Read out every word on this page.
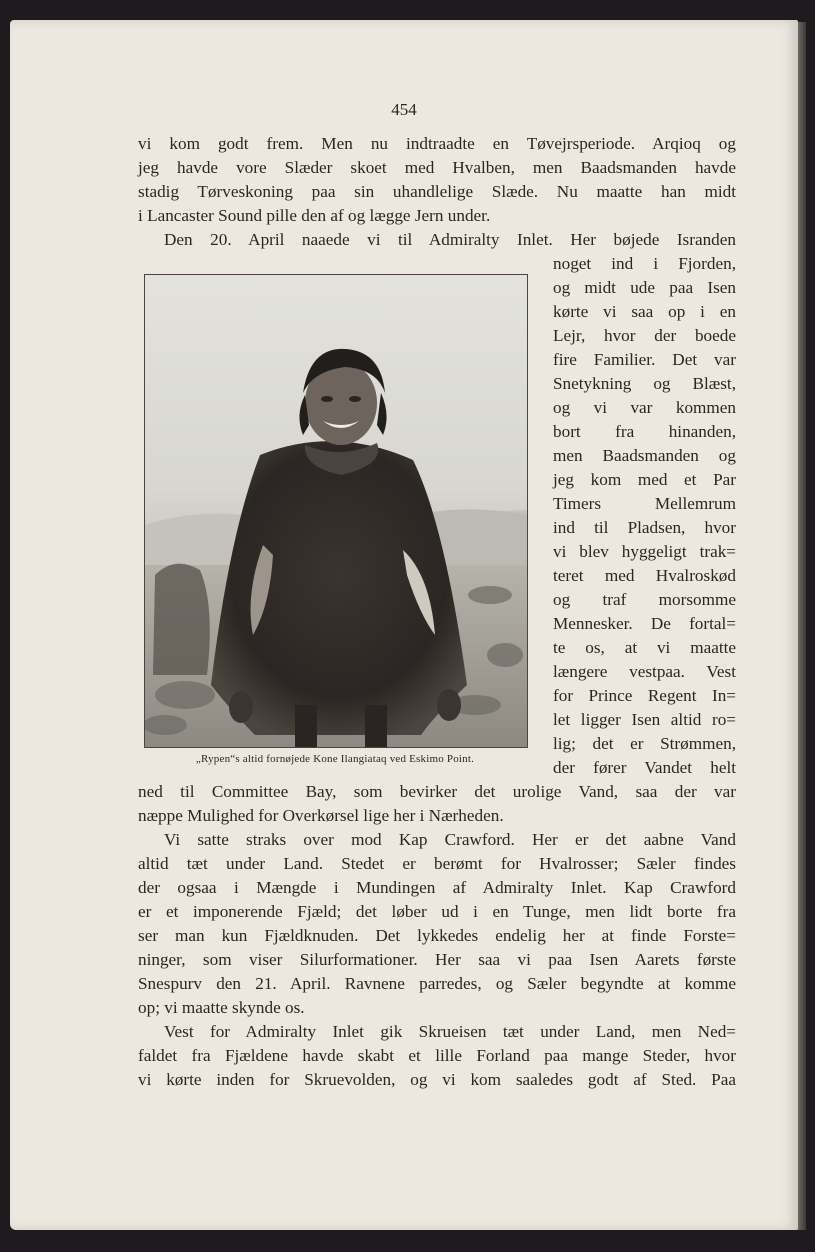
454
vi kom godt frem. Men nu indtraadte en Tøvejrsperiode. Arqioq og
jeg havde vore Slæder skoet med Hvalben, men Baadsmanden havde
stadig Tørveskoning paa sin uhandlelige Slæde. Nu maatte han midt
i Lancaster Sound pille den af og lægge Jern under.
Den 20. April naaede vi til Admiralty Inlet. Her bøjede Isranden
noget ind i Fjorden,
og midt ude paa Isen
kørte vi saa op i en
Lejr, hvor der boede
fire Familier. Det var
Snetykning og Blæst,
og vi var kommen
bort fra hinanden,
men Baadsmanden og
jeg kom med et Par
Timers Mellemrum
ind til Pladsen, hvor
vi blev hyggeligt trak=
teret med Hvalroskød
og traf morsomme
Mennesker. De fortal=
te os, at vi maatte
længere vestpaa. Vest
for Prince Regent In=
let ligger Isen altid ro=
lig; det er Strømmen,
der fører Vandet helt
ned til Committee Bay, som bevirker det urolige Vand, saa der var
næppe Mulighed for Overkørsel lige her i Nærheden.
Vi satte straks over mod Kap Crawford. Her er det aabne Vand
altid tæt under Land. Stedet er berømt for Hvalrosser; Sæler findes
der ogsaa i Mængde i Mundingen af Admiralty Inlet. Kap Crawford
er et imponerende Fjæld; det løber ud i en Tunge, men lidt borte fra
ser man kun Fjældknuden. Det lykkedes endelig her at finde Forste=
ninger, som viser Silurformationer. Her saa vi paa Isen Aarets første
Snespurv den 21. April. Ravnene parredes, og Sæler begyndte at komme
op; vi maatte skynde os.
Vest for Admiralty Inlet gik Skrueisen tæt under Land, men Ned=
faldet fra Fjældene havde skabt et lille Forland paa mange Steder, hvor
vi kørte inden for Skruevolden, og vi kom saaledes godt af Sted. Paa
„Rypen“s altid fornøjede Kone Ilangiataq ved Eskimo Point.
